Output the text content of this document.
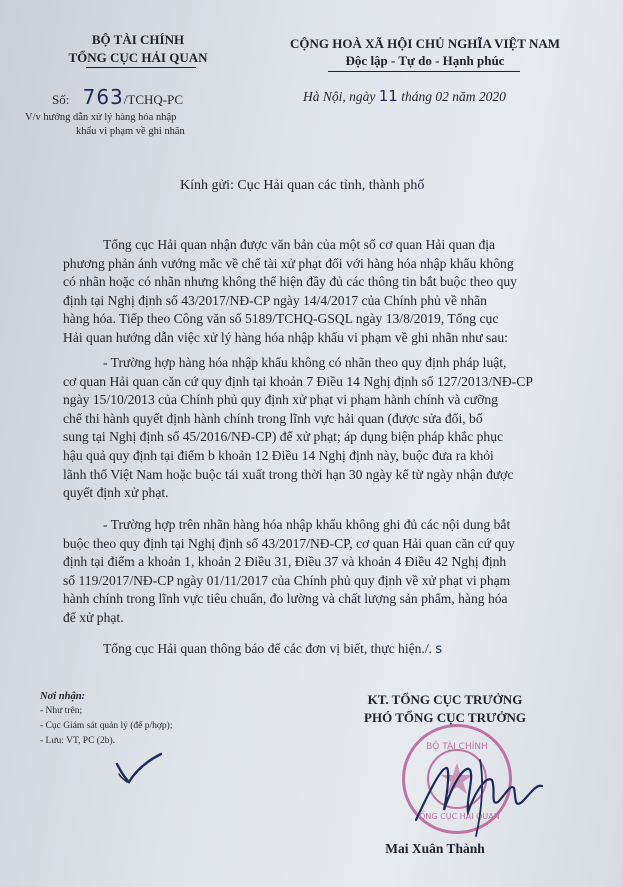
BỘ TÀI CHÍNH
TỔNG CỤC HẢI QUAN
Số: 763/TCHQ-PC
V/v hướng dẫn xử lý hàng hóa nhập
khẩu vi phạm về ghi nhãn
CỘNG HOÀ XÃ HỘI CHỦ NGHĨA VIỆT NAM
Độc lập - Tự do - Hạnh phúc
Hà Nội, ngày 11 tháng 02 năm 2020
Kính gửi: Cục Hải quan các tỉnh, thành phố
Tổng cục Hải quan nhận được văn bản của một số cơ quan Hải quan địa
phương phản ánh vướng mắc về chế tài xử phạt đối với hàng hóa nhập khẩu không
có nhãn hoặc có nhãn nhưng không thể hiện đầy đủ các thông tin bắt buộc theo quy
định tại Nghị định số 43/2017/NĐ-CP ngày 14/4/2017 của Chính phủ về nhãn
hàng hóa. Tiếp theo Công văn số 5189/TCHQ-GSQL ngày 13/8/2019, Tổng cục
Hải quan hướng dẫn việc xử lý hàng hóa nhập khẩu vi phạm về ghi nhãn như sau:
- Trường hợp hàng hóa nhập khẩu không có nhãn theo quy định pháp luật,
cơ quan Hải quan căn cứ quy định tại khoản 7 Điều 14 Nghị định số 127/2013/NĐ-CP
ngày 15/10/2013 của Chính phủ quy định xử phạt vi phạm hành chính và cưỡng
chế thi hành quyết định hành chính trong lĩnh vực hải quan (được sửa đổi, bổ
sung tại Nghị định số 45/2016/NĐ-CP) để xử phạt; áp dụng biện pháp khắc phục
hậu quả quy định tại điểm b khoản 12 Điều 14 Nghị định này, buộc đưa ra khỏi
lãnh thổ Việt Nam hoặc buộc tái xuất trong thời hạn 30 ngày kể từ ngày nhận được
quyết định xử phạt.
- Trường hợp trên nhãn hàng hóa nhập khẩu không ghi đủ các nội dung bắt
buộc theo quy định tại Nghị định số 43/2017/NĐ-CP, cơ quan Hải quan căn cứ quy
định tại điểm a khoản 1, khoản 2 Điều 31, Điều 37 và khoản 4 Điều 42 Nghị định
số 119/2017/NĐ-CP ngày 01/11/2017 của Chính phủ quy định về xử phạt vi phạm
hành chính trong lĩnh vực tiêu chuẩn, đo lường và chất lượng sản phẩm, hàng hóa
để xử phạt.
Tổng cục Hải quan thông báo để các đơn vị biết, thực hiện./. s
Nơi nhận:
- Như trên;
- Cục Giám sát quản lý (để p/hợp);
- Lưu: VT, PC (2b).
KT. TỔNG CỤC TRƯỞNG
PHÓ TỔNG CỤC TRƯỞNG
BỘ TÀI CHÍNH
TỔNG CỤC HẢI QUAN
Mai Xuân Thành
